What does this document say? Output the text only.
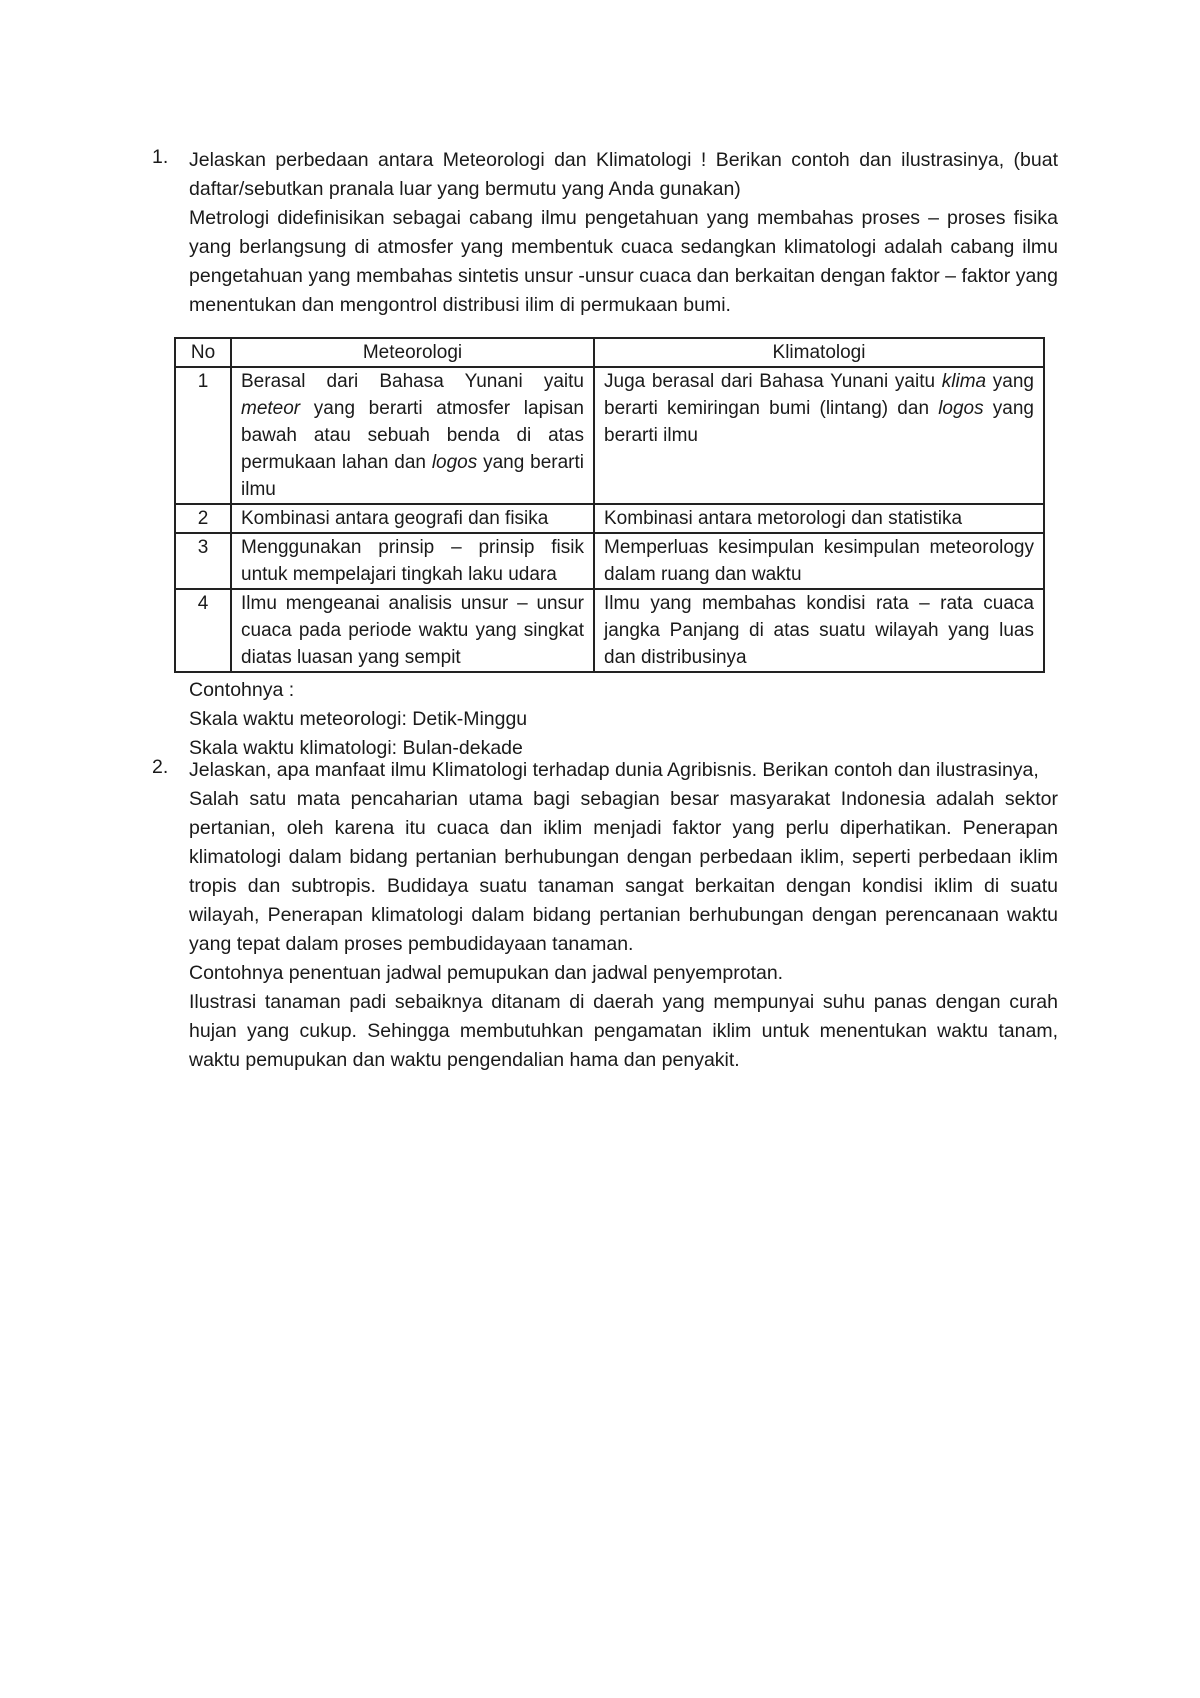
1. Jelaskan perbedaan antara Meteorologi dan Klimatologi ! Berikan contoh dan ilustrasinya, (buat daftar/sebutkan pranala luar yang bermutu yang Anda gunakan)

Metrologi didefinisikan sebagai cabang ilmu pengetahuan yang membahas proses – proses fisika yang berlangsung di atmosfer yang membentuk cuaca sedangkan klimatologi adalah cabang ilmu pengetahuan yang membahas sintetis unsur -unsur cuaca dan berkaitan dengan faktor – faktor yang menentukan dan mengontrol distribusi ilim di permukaan bumi.

No	Meteorologi	Klimatologi
1	Berasal dari Bahasa Yunani yaitu meteor yang berarti atmosfer lapisan bawah atau sebuah benda di atas permukaan lahan dan logos yang berarti ilmu	Juga berasal dari Bahasa Yunani yaitu klima yang berarti kemiringan bumi (lintang) dan logos yang berarti ilmu
2	Kombinasi antara geografi dan fisika	Kombinasi antara metorologi dan statistika
3	Menggunakan prinsip – prinsip fisik untuk mempelajari tingkah laku udara	Memperluas kesimpulan kesimpulan meteorology dalam ruang dan waktu
4	Ilmu mengeanai analisis unsur – unsur cuaca pada periode waktu yang singkat diatas luasan yang sempit	Ilmu yang membahas kondisi rata – rata cuaca jangka Panjang di atas suatu wilayah yang luas dan distribusinya

Contohnya :

Skala waktu meteorologi: Detik-Minggu

Skala waktu klimatologi: Bulan-dekade

2. Jelaskan, apa manfaat ilmu Klimatologi terhadap dunia Agribisnis. Berikan contoh dan ilustrasinya,

Salah satu mata pencaharian utama bagi sebagian besar masyarakat Indonesia adalah sektor pertanian, oleh karena itu cuaca dan iklim menjadi faktor yang perlu diperhatikan. Penerapan klimatologi dalam bidang pertanian berhubungan dengan perbedaan iklim, seperti perbedaan iklim tropis dan subtropis. Budidaya suatu tanaman sangat berkaitan dengan kondisi iklim di suatu wilayah, Penerapan klimatologi dalam bidang pertanian berhubungan dengan perencanaan waktu yang tepat dalam proses pembudidayaan tanaman.

Contohnya penentuan jadwal pemupukan dan jadwal penyemprotan.

Ilustrasi tanaman padi sebaiknya ditanam di daerah yang mempunyai suhu panas dengan curah hujan yang cukup. Sehingga membutuhkan pengamatan iklim untuk menentukan waktu tanam, waktu pemupukan dan waktu pengendalian hama dan penyakit.
